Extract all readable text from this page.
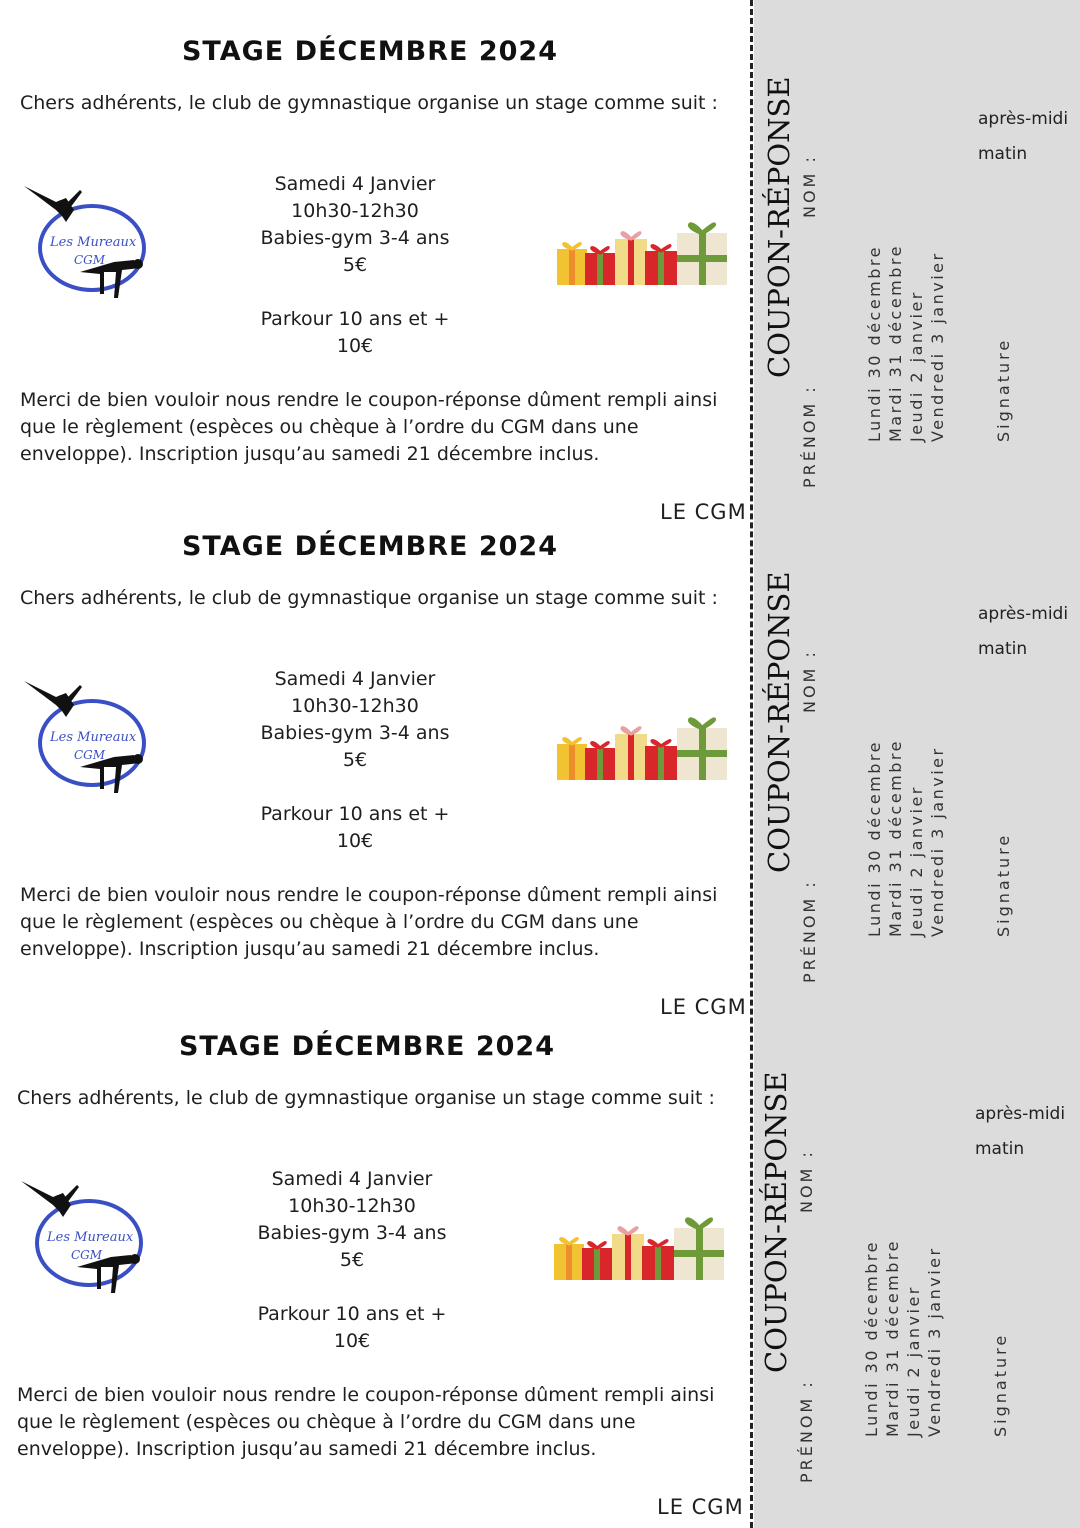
STAGE DÉCEMBRE 2024
Chers adhérents, le club de gymnastique organise un stage comme suit :
Les Mureaux
CGM

Samedi 4 Janvier

10h30-12h30

Babies-gym 3-4 ans

5€

Parkour 10 ans et +

10€

Merci de bien vouloir nous rendre le coupon-réponse dûment rempli ainsi que le règlement (espèces ou chèque à l’ordre du CGM dans une enveloppe). Inscription jusqu’au samedi 21 décembre inclus.
LE CGM
COUPON-RÉPONSE NOM :
PRÉNOM :	Lundi 30 décembre Mardi 31 décembre Jeudi 2 janvier Vendredi 3 janvier	Signature
après-midi
matin
STAGE DÉCEMBRE 2024
Chers adhérents, le club de gymnastique organise un stage comme suit :
Les Mureaux
CGM

Samedi 4 Janvier

10h30-12h30

Babies-gym 3-4 ans

5€

Parkour 10 ans et +

10€

Merci de bien vouloir nous rendre le coupon-réponse dûment rempli ainsi que le règlement (espèces ou chèque à l’ordre du CGM dans une enveloppe). Inscription jusqu’au samedi 21 décembre inclus.
LE CGM
COUPON-RÉPONSE NOM :
PRÉNOM :	Lundi 30 décembre Mardi 31 décembre Jeudi 2 janvier Vendredi 3 janvier	Signature
après-midi
matin
STAGE DÉCEMBRE 2024
Chers adhérents, le club de gymnastique organise un stage comme suit :
Les Mureaux
CGM

Samedi 4 Janvier

10h30-12h30

Babies-gym 3-4 ans

5€

Parkour 10 ans et +

10€

Merci de bien vouloir nous rendre le coupon-réponse dûment rempli ainsi que le règlement (espèces ou chèque à l’ordre du CGM dans une enveloppe). Inscription jusqu’au samedi 21 décembre inclus.
LE CGM
COUPON-RÉPONSE NOM :
PRÉNOM :	Lundi 30 décembre Mardi 31 décembre Jeudi 2 janvier Vendredi 3 janvier	Signature
après-midi
matin
